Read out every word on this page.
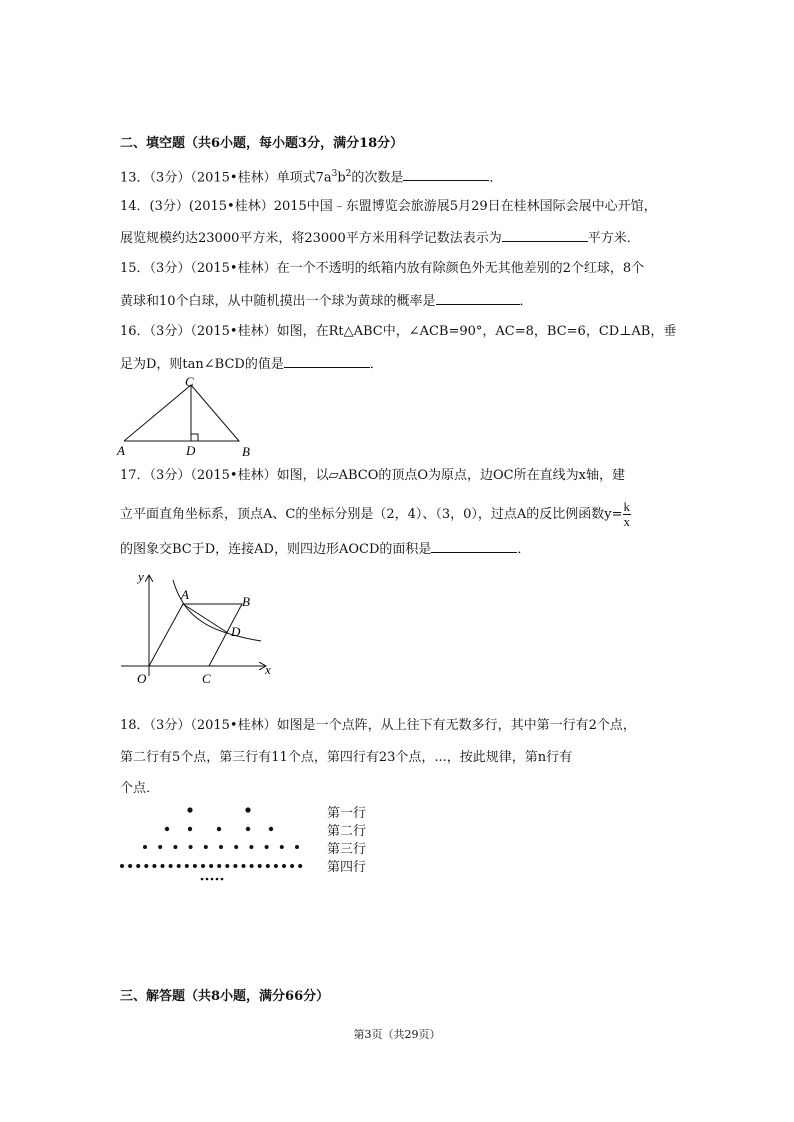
二、填空题（共6小题，每小题3分，满分18分）
13．（3分）（2015•桂林）单项式$7a^3b^2$的次数是	．
14．(3分）(2015•桂林）2015中国﹣东盟博览会旅游展5月29日在桂林国际会展中心开馆，
展览规模约达23000平方米，将23000平方米用科学记数法表示为	平方米．
15．（3分）（2015•桂林）在一个不透明的纸箱内放有除颜色外无其他差别的2个红球，8个
黄球和10个白球，从中随机摸出一个球为黄球的概率是	．
16．（3分）（2015•桂林）如图，在Rt△ABC中，∠ACB=90°，AC=8，BC=6，CD⊥AB，垂
足为D，则tan∠BCD的值是	．
C
A	D	B
17．（3分）（2015•桂林）如图，以▱ABCO的顶点O为原点，边OC所在直线为x轴，建
立平面直角坐标系，顶点A、C的坐标分别是（2，4）、（3，0），过点A的反比例函数$y= \frac{k}{x}$
的图象交BC于D，连接AD，则四边形AOCD的面积是	．
y
x
O
A	B
C
D
18．（3分）（2015•桂林）如图是一个点阵，从上往下有无数多行，其中第一行有2个点，
第二行有5个点，第三行有11个点，第四行有23个点，...，按此规律，第n行有
个点．
第一行
第二行
第三行
第四行
三、解答题（共8小题，满分66分）
第3页（共29页）
